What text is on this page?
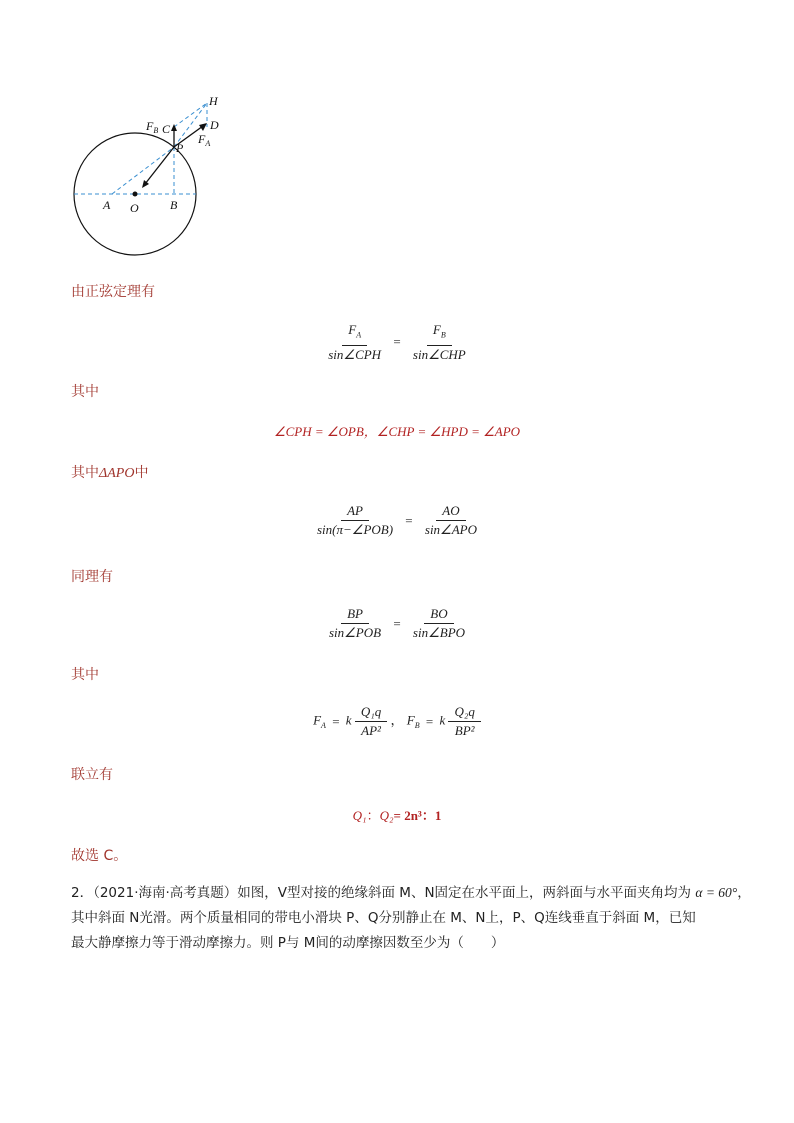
H
$F_B$ C	D
P
$F_A$
A O	B
由正弦定理有
$\frac{F_A}{\text{sin∠CPH}} = \frac{F_B}{\text{sin∠CHP}}$
其中
∠CPH = ∠OPB，∠CHP = ∠HPD = ∠APO
其中ΔAPO中
$\frac{AP}{\text{sin(π−∠POB)}} = \frac{AO}{\text{sin∠APO}}$
同理有
$\frac{BP}{\text{sin∠POB}} = \frac{BO}{\text{sin∠BPO}}$
其中
$F_A = k \frac{\text{Q₁q}}{\text{AP²}}$ ， $F_B = k \frac{\text{Q₂q}}{\text{BP²}}$
联立有
Q₁：Q₂= 2n³：1
故选 C。
2．（2021·海南·高考真题）如图，V型对接的绝缘斜面 M、N固定在水平面上，两斜面与水平面夹角均为 α = 60°，
其中斜面 N光滑。两个质量相同的带电小滑块 P、Q分别静止在 M、N上，P、Q连线垂直于斜面 M，已知
最大静摩擦力等于滑动摩擦力。则 P与 M间的动摩擦因数至少为（　　）
